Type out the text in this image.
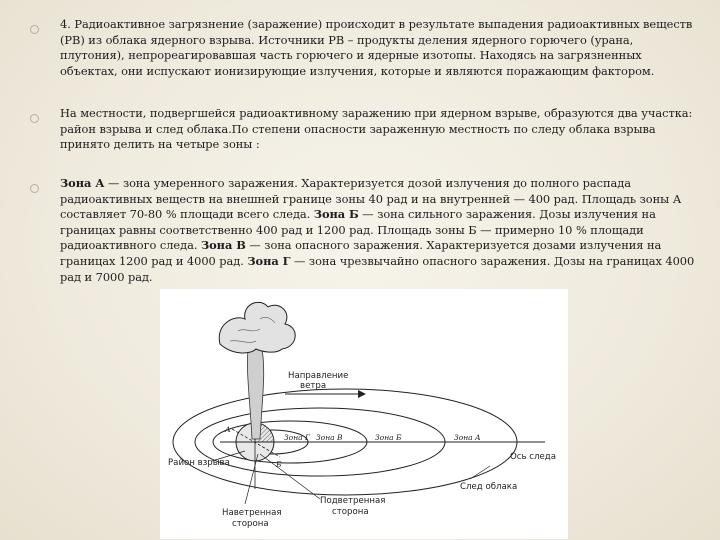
4. Радиоактивное загрязнение (заражение) происходит в результате выпадения радиоактивных веществ (РВ) из облака ядерного взрыва. Источники РВ – продукты деления ядерного горючего (урана, плутония), непрореагировавшая часть горючего и ядерные изотопы. Находясь на загрязненных объектах, они испускают ионизирующие излучения, которые и являются поражающим фактором.

На местности, подвергшейся радиоактивному заражению при ядерном взрыве, образуются два участка: район взрыва и след облака.По степени опасности зараженную местность по следу облака взрыва принято делить на четыре зоны :

Зона А — зона умеренного заражения. Характеризуется дозой излучения до полного распада радиоактивных веществ на внешней границе зоны 40 рад и на внутренней — 400 рад. Площадь зоны А составляет 70-80 % площади всего следа. Зона Б — зона сильного заражения. Дозы излучения на границах равны соответственно 400 рад и 1200 рад. Площадь зоны Б — примерно 10 % площади радиоактивного следа. Зона В — зона опасного заражения. Характеризуется дозами излучения на границах 1200 рад и 4000 рад. Зона Г — зона чрезвычайно опасного заражения. Дозы на границах 4000 рад и 7000 рад.

Направление
ветра
Зона Г Зона В	Зона Б	Зона А
Ось следа
Район взрыва
След облака
Наветренная
сторона
Подветренная
сторона
А
Б
